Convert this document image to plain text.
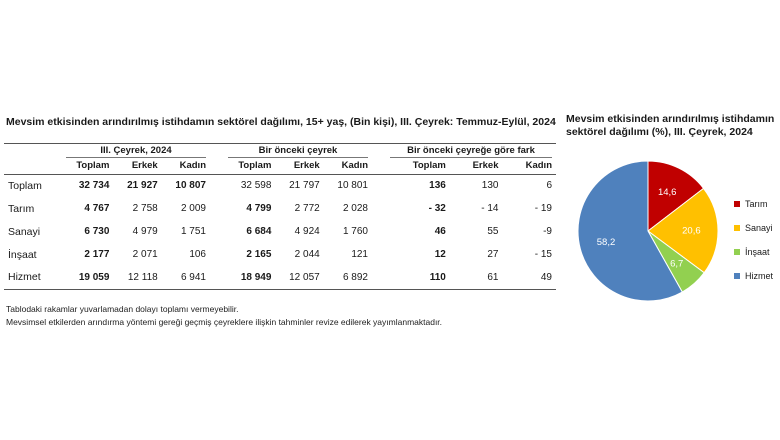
Mevsim etkisinden arındırılmış istihdamın sektörel dağılımı, 15+ yaş, (Bin kişi), III. Çeyrek: Temmuz-Eylül, 2024

	III. Çeyrek, 2024				Bir önceki çeyrek				Bir önceki çeyreğe göre fark		

	Toplam	Erkek	Kadın		Toplam	Erkek	Kadın		Toplam	Erkek	Kadın
Toplam	32 734	21 927	10 807		32 598	21 797	10 801		136	130	6
Tarım	4 767	2 758	2 009		4 799	2 772	2 028		- 32	- 14	- 19
Sanayi	6 730	4 979	1 751		6 684	4 924	1 760		46	55	-9
İnşaat	2 177	2 071	106		2 165	2 044	121		12	27	- 15
Hizmet	19 059	12 118	6 941		18 949	12 057	6 892		110	61	49
Tablodaki rakamlar yuvarlamadan dolayı toplamı vermeyebilir.
Mevsimsel etkilerden arındırma yöntemi gereği geçmiş çeyreklere ilişkin tahminler revize edilerek yayımlanmaktadır.
Mevsim etkisinden arındırılmış istihdamın sektörel dağılımı (%), III. Çeyrek, 2024
14,6
20,6
6,7
58,2
Tarım
Sanayi
İnşaat
Hizmet
